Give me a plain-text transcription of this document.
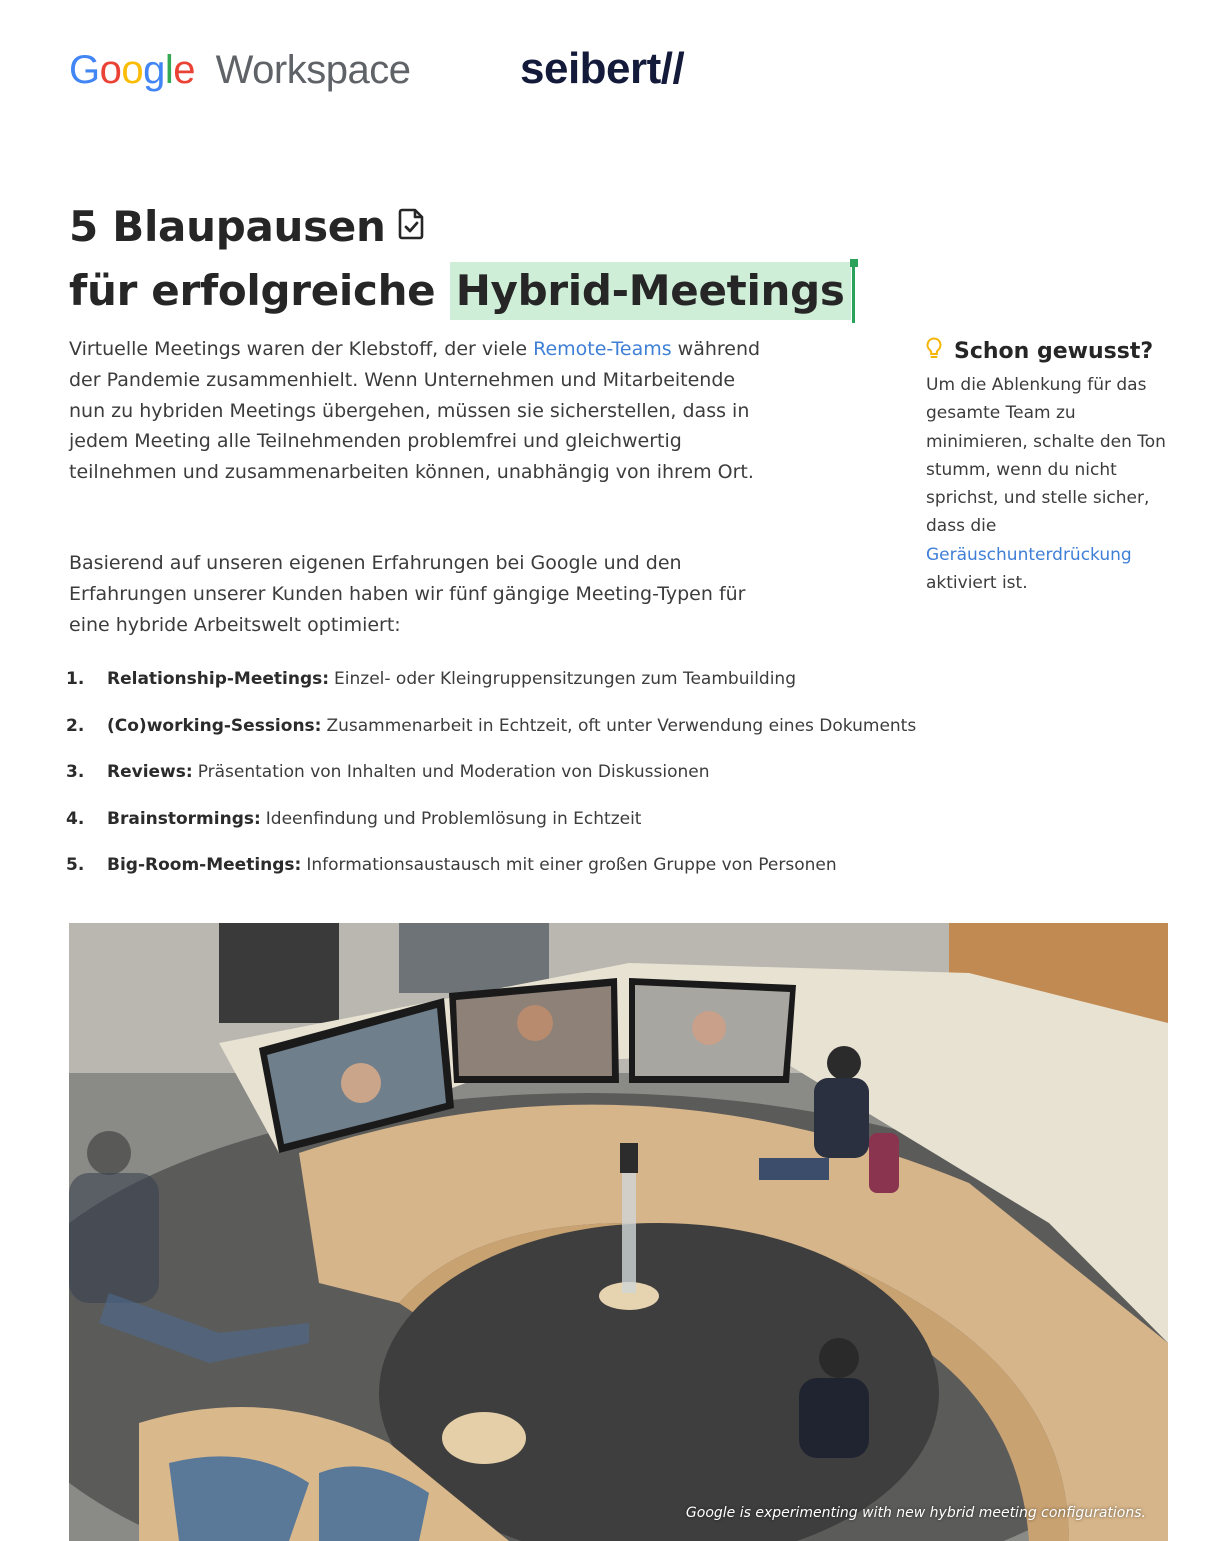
Google Workspace seibert//
5 Blaupausen
für erfolgreiche Hybrid-Meetings

Virtuelle Meetings waren der Klebstoff, der viele Remote-Teams während der Pandemie zusammenhielt. Wenn Unternehmen und Mitarbeitende nun zu hybriden Meetings übergehen, müssen sie sicherstellen, dass in jedem Meeting alle Teilnehmenden problemfrei und gleichwertig teilnehmen und zusammenarbeiten können, unabhängig von ihrem Ort.

Basierend auf unseren eigenen Erfahrungen bei Google und den Erfahrungen unserer Kunden haben wir fünf gängige Meeting-Typen für eine hybride Arbeitswelt optimiert:

Schon gewusst?

Um die Ablenkung für das gesamte Team zu minimieren, schalte den Ton stumm, wenn du nicht sprichst, und stelle sicher, dass die Geräuschunterdrückung aktiviert ist.

1.	Relationship-Meetings: Einzel- oder Kleingruppensitzungen zum Teambuilding
2.	(Co)working-Sessions: Zusammenarbeit in Echtzeit, oft unter Verwendung eines Dokuments
3.	Reviews: Präsentation von Inhalten und Moderation von Diskussionen
4.	Brainstormings: Ideenfindung und Problemlösung in Echtzeit
5.	Big-Room-Meetings: Informationsaustausch mit einer großen Gruppe von Personen
Google is experimenting with new hybrid meeting configurations.
